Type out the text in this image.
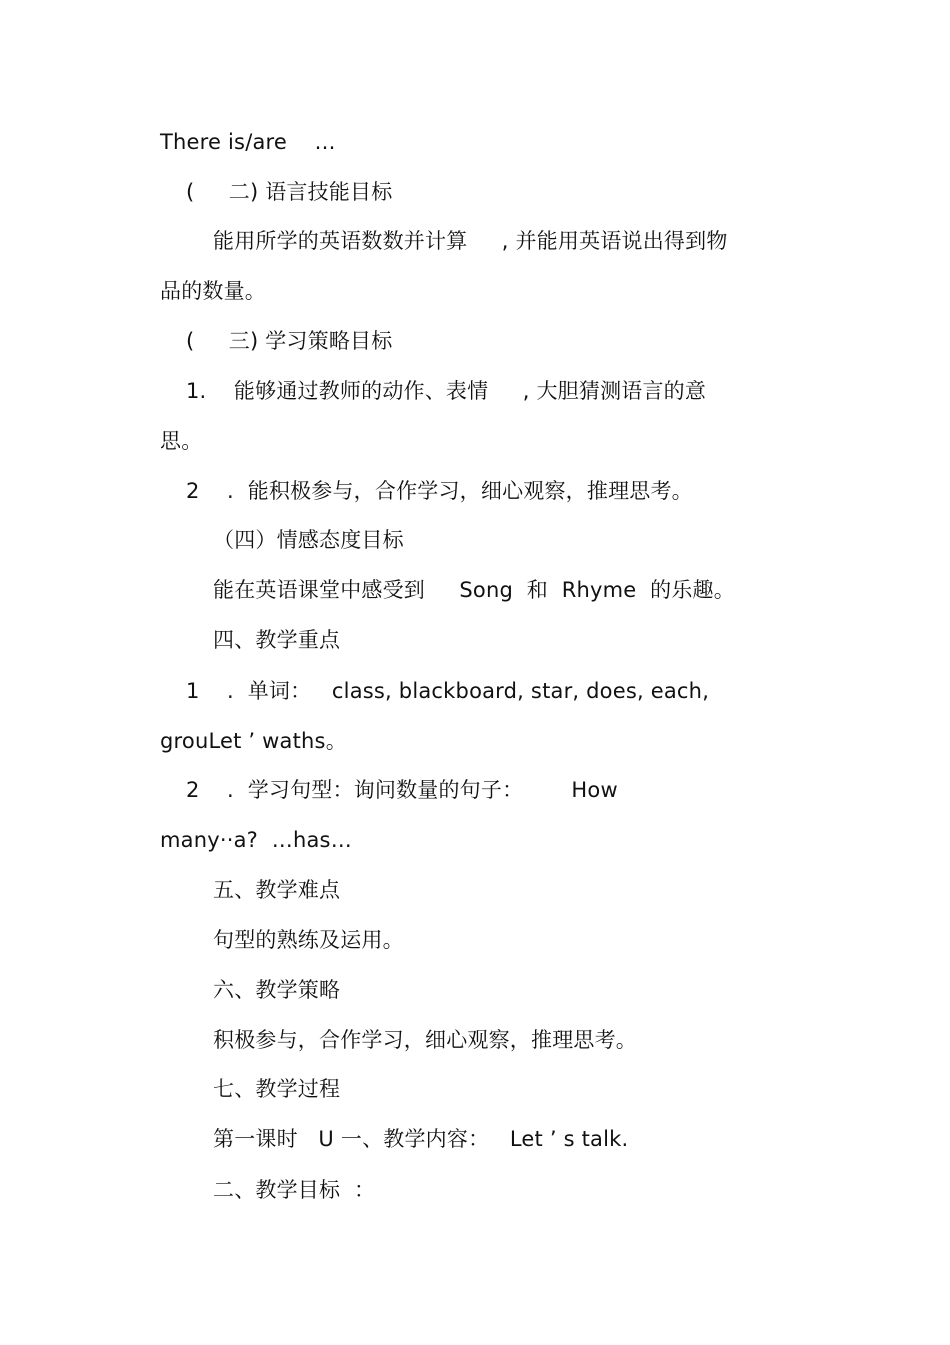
There is/are    …
(     二) 语言技能目标
能用所学的英语数数并计算     , 并能用英语说出得到物
品的数量。
(     三) 学习策略目标
1.    能够通过教师的动作、表情     , 大胆猜测语言的意
思。
2    .  能积极参与，合作学习，细心观察，推理思考。
（四）情感态度目标
能在英语课堂中感受到     Song  和  Rhyme  的乐趣。
四、教学重点
1    .  单词：   class, blackboard, star, does, each,
grouLet ’ waths。
2    .  学习句型：询问数量的句子：       How
many··a?  …has…
五、教学难点
句型的熟练及运用。
六、教学策略
积极参与，合作学习，细心观察，推理思考。
七、教学过程
第一课时   U 一、教学内容：   Let ’ s talk.
二、教学目标  ：
